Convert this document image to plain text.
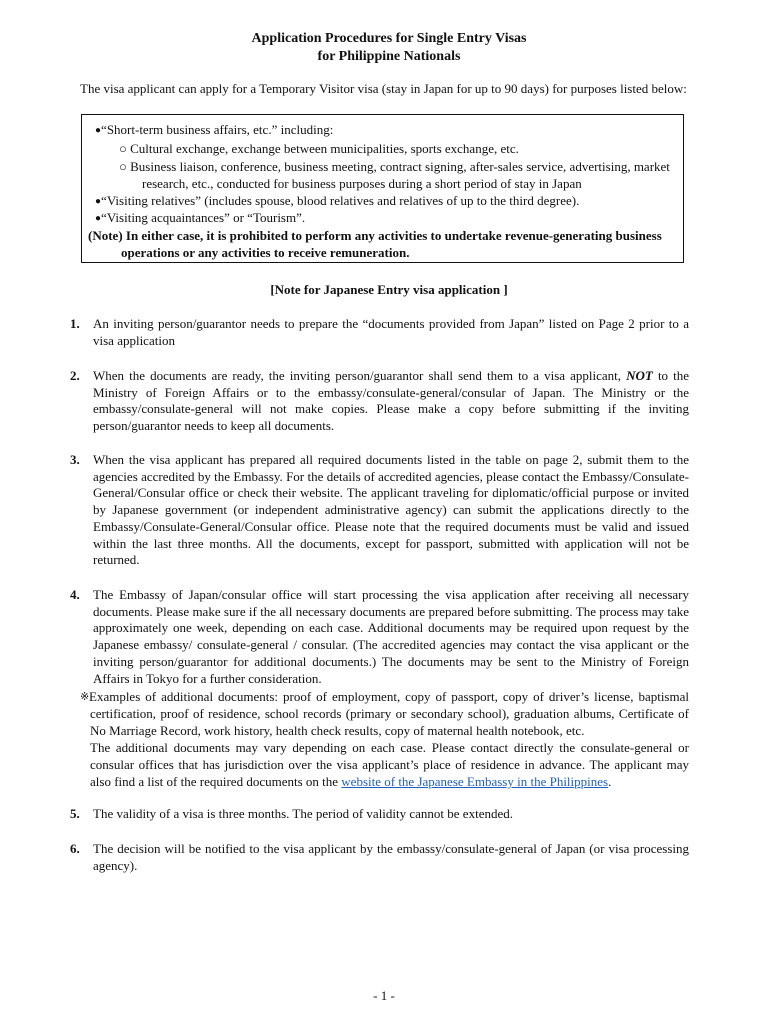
Application Procedures for Single Entry Visas
for Philippine Nationals
The visa applicant can apply for a Temporary Visitor visa (stay in Japan for up to 90 days) for purposes listed below:
●“Short-term business affairs, etc.” including:
○ Cultural exchange, exchange between municipalities, sports exchange, etc.
○ Business liaison, conference, business meeting, contract signing, after-sales service, advertising, market
research, etc., conducted for business purposes during a short period of stay in Japan
●“Visiting relatives” (includes spouse, blood relatives and relatives of up to the third degree).
●“Visiting acquaintances” or “Tourism”.
(Note) In either case, it is prohibited to perform any activities to undertake revenue-generating business
operations or any activities to receive remuneration.
[Note for Japanese Entry visa application ]
1. An inviting person/guarantor needs to prepare the “documents provided from Japan” listed on Page 2 prior to a visa application
2. When the documents are ready, the inviting person/guarantor shall send them to a visa applicant, NOT to the Ministry of Foreign Affairs or to the embassy/consulate-general/consular of Japan. The Ministry or the embassy/consulate-general will not make copies. Please make a copy before submitting if the inviting person/guarantor needs to keep all documents.
3. When the visa applicant has prepared all required documents listed in the table on page 2, submit them to the agencies accredited by the Embassy. For the details of accredited agencies, please contact the Embassy/Consulate-General/Consular office or check their website. The applicant traveling for diplomatic/official purpose or invited by Japanese government (or independent administrative agency) can submit the applications directly to the Embassy/Consulate-General/Consular office. Please note that the required documents must be valid and issued within the last three months. All the documents, except for passport, submitted with application will not be returned.
4. The Embassy of Japan/consular office will start processing the visa application after receiving all necessary documents. Please make sure if the all necessary documents are prepared before submitting. The process may take approximately one week, depending on each case. Additional documents may be required upon request by the Japanese embassy/ consulate-general / consular. (The accredited agencies may contact the visa applicant or the inviting person/guarantor for additional documents.) The documents may be sent to the Ministry of Foreign Affairs in Tokyo for a further consideration.
※ Examples of additional documents: proof of employment, copy of passport, copy of driver’s license, baptismal certification, proof of residence, school records (primary or secondary school), graduation albums, Certificate of No Marriage Record, work history, health check results, copy of maternal health notebook, etc.
The additional documents may vary depending on each case. Please contact directly the consulate-general or consular offices that has jurisdiction over the visa applicant’s place of residence in advance. The applicant may also find a list of the required documents on the website of the Japanese Embassy in the Philippines.
5. The validity of a visa is three months. The period of validity cannot be extended.
6. The decision will be notified to the visa applicant by the embassy/consulate-general of Japan (or visa processing agency).
- 1 -
